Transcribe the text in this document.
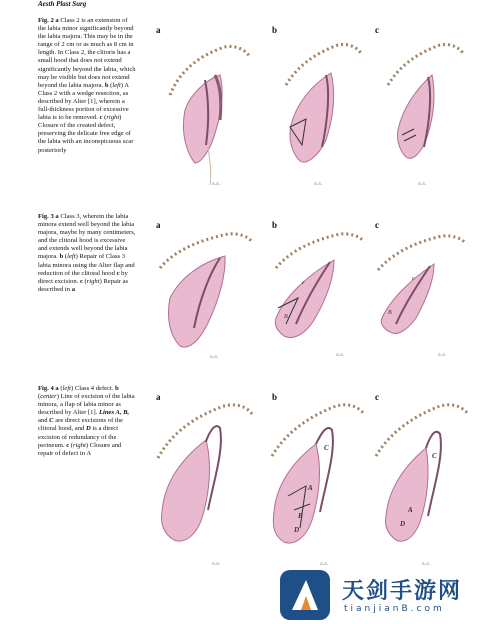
Aesth Plast Surg
Fig. 2 a Class 2 is an extension of the labia minor significantly beyond the labia majora. This may be in the range of 2 cm or as much as 8 cm in length. In Class 2, the clitoris has a small hood that does not extend significantly beyond the labia, which may be visible but does not extend beyond the labia majora. b (left) A Class 2 with a wedge resection, as described by Alter [1], wherein a full-thickness portion of excessive labia is to be removed. c (right) Closure of the created defect, preserving the delicate free edge of the labia with an inconspicuous scar posteriorly
Fig. 3 a Class 3, wherein the labia minora extend well beyond the labia majora, maybe by many centimeters, and the clitoral hood is excessive and extends well beyond the labia majora. b (left) Repair of Class 3 labia minora using the Alter flap and reduction of the clitoral hood c by direct excision. c (right) Repair as described in a
Fig. 4 a (left) Class 4 defect. b (center) Line of excision of the labia minora, a flap of labia minor as described by Alter [1]. Lines A, B, and C are direct excisions of the clitoral hood, and D is a direct excision of redundancy of the perineum. c (right) Closure and repair of defect in A
a	b	c
a	b	c
a	b	c
a.a.	a.a.	a.a.
a.a.
c
B
a.a.
c
B
a.a.
a.a.
C
A
B
D
a.a.
C
A
D
a.a.
天剑手游网
tianjianB.com
